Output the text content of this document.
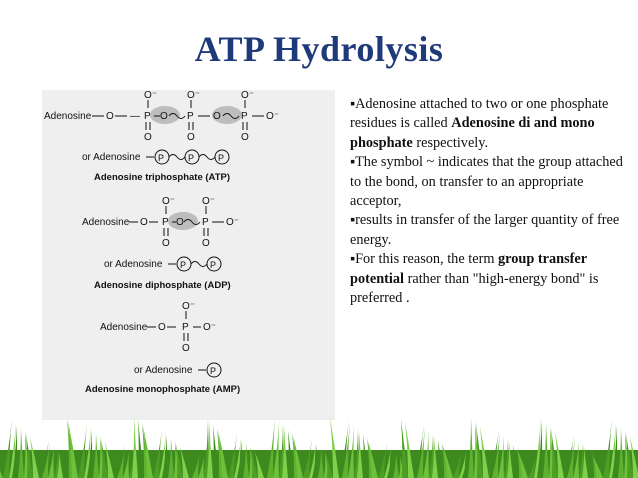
ATP Hydrolysis
Adenosine O
O⁻
P
O
— O
O⁻
P
O
O
O⁻
P
O
O⁻
or Adenosine P	P	P
Adenosine triphosphate (ATP)
Adenosine O
O⁻
P
O
O
O⁻
P
O
O⁻
or Adenosine P	P
Adenosine diphosphate (ADP)
Adenosine O
O⁻
P
O
O⁻
or Adenosine P
Adenosine monophosphate (AMP)

▪Adenosine attached to two or one phosphate residues is called Adenosine di and mono phosphate respectively.

▪The symbol ~ indicates that the group attached to the bond, on transfer to an appropriate acceptor,

▪results in transfer of the larger quantity of free energy.

▪For this reason, the term group transfer potential rather than "high-energy bond" is preferred .
